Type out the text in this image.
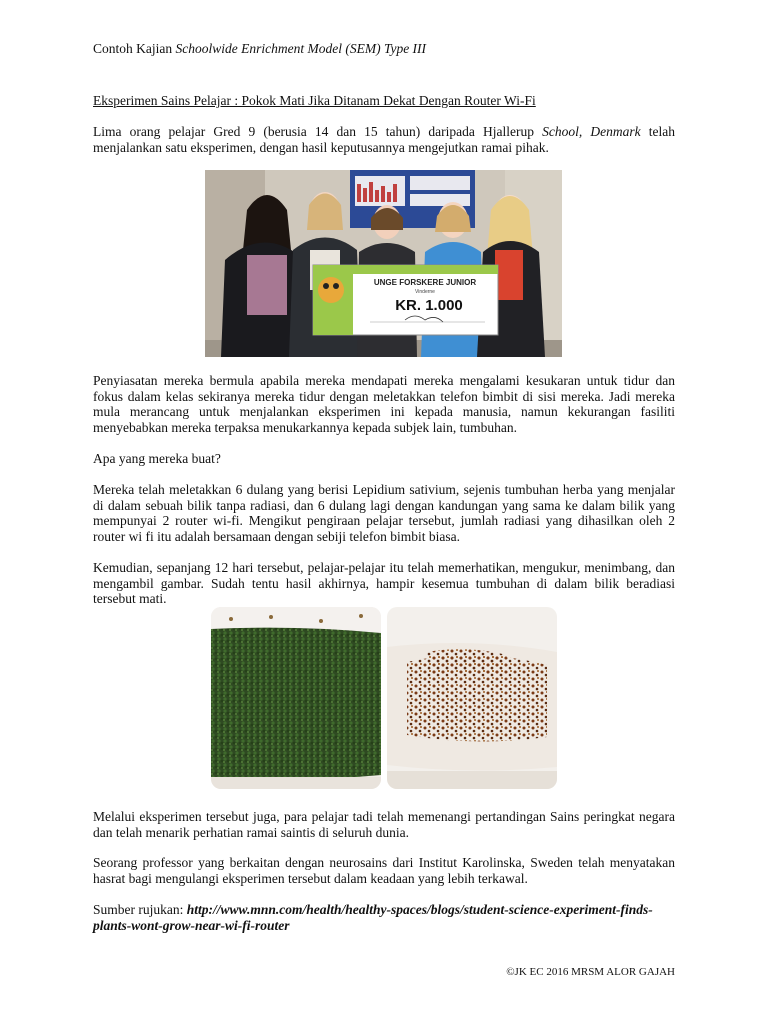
Contoh Kajian Schoolwide Enrichment Model (SEM) Type III
Eksperimen Sains Pelajar : Pokok Mati Jika Ditanam Dekat Dengan Router Wi-Fi

Lima orang pelajar Gred 9 (berusia 14 dan 15 tahun) daripada Hjallerup School, Denmark telah menjalankan satu eksperimen, dengan hasil keputusannya mengejutkan ramai pihak.

UNGE FORSKERE JUNIOR
Vinderne
KR. 1.000

Penyiasatan mereka bermula apabila mereka mendapati mereka mengalami kesukaran untuk tidur dan fokus dalam kelas sekiranya mereka tidur dengan meletakkan telefon bimbit di sisi mereka. Jadi mereka mula merancang untuk menjalankan eksperimen ini kepada manusia, namun kekurangan fasiliti menyebabkan mereka terpaksa menukarkannya kepada subjek lain, tumbuhan.

Apa yang mereka buat?

Mereka telah meletakkan 6 dulang yang berisi Lepidium sativium, sejenis tumbuhan herba yang menjalar di dalam sebuah bilik tanpa radiasi, dan 6 dulang lagi dengan kandungan yang sama ke dalam bilik yang mempunyai 2 router wi-fi. Mengikut pengiraan pelajar tersebut, jumlah radiasi yang dihasilkan oleh 2 router wi fi itu adalah bersamaan dengan sebiji telefon bimbit biasa.

Kemudian, sepanjang 12 hari tersebut, pelajar-pelajar itu telah memerhatikan, mengukur, menimbang, dan mengambil gambar. Sudah tentu hasil akhirnya, hampir kesemua tumbuhan di dalam bilik beradiasi tersebut mati.

Melalui eksperimen tersebut juga, para pelajar tadi telah memenangi pertandingan Sains peringkat negara dan telah menarik perhatian ramai saintis di seluruh dunia.

Seorang professor yang berkaitan dengan neurosains dari Institut Karolinska, Sweden telah menyatakan hasrat bagi mengulangi eksperimen tersebut dalam keadaan yang lebih terkawal.

Sumber rujukan: http://www.mnn.com/health/healthy-spaces/blogs/student-science-experiment-finds-plants-wont-grow-near-wi-fi-router

©JK EC 2016 MRSM ALOR GAJAH
